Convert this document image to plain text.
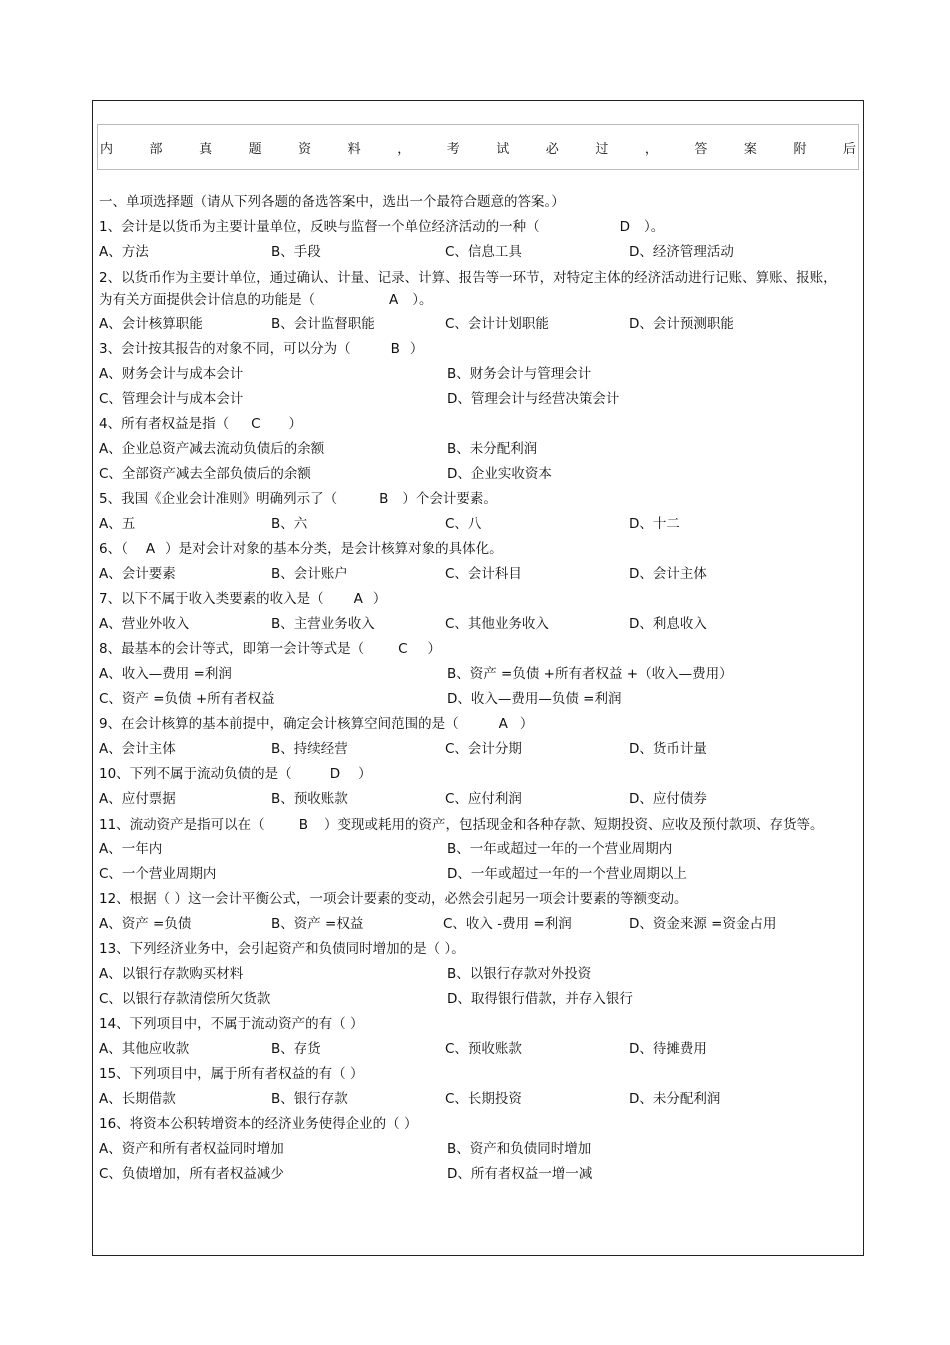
内	部	真	题	资	料	，	考	试	必	过	，	答	案	附	后
一、单项选择题（请从下列各题的备选答案中，选出一个最符合题意的答案。）
1、会计是以货币为主要计量单位，反映与监督一个单位经济活动的一种（	D ）。
A、方法	B、手段	C、信息工具	D、经济管理活动
2、以货币作为主要计单位，通过确认、计量、记录、计算、报告等一环节，对特定主体的经济活动进行记账、算账、报账，为有关方面提供会计信息的功能是（	A ）。
A、会计核算职能	B、会计监督职能	C、会计计划职能	D、会计预测职能
3、会计按其报告的对象不同，可以分为（	B ）
A、财务会计与成本会计	B、财务会计与管理会计
C、管理会计与成本会计	D、管理会计与经营决策会计
4、所有者权益是指（ C ）
A、企业总资产减去流动负债后的余额	B、未分配利润
C、全部资产减去全部负债后的余额	D、企业实收资本
5、我国《企业会计准则》明确列示了（	B ）个会计要素。
A、五	B、六	C、八	D、十二
6、（ A ）是对会计对象的基本分类，是会计核算对象的具体化。
A、会计要素	B、会计账户	C、会计科目	D、会计主体
7、以下不属于收入类要素的收入是（ A ）
A、营业外收入	B、主营业务收入	C、其他业务收入	D、利息收入
8、最基本的会计等式，即第一会计等式是（	C ）
A、收入—费用 =利润	B、资产 =负债 +所有者权益 +（收入—费用）
C、资产 =负债 +所有者权益	D、收入—费用—负债 =利润
9、在会计核算的基本前提中，确定会计核算空间范围的是（	A ）
A、会计主体	B、持续经营	C、会计分期	D、货币计量
10、下列不属于流动负债的是（	D ）
A、应付票据	B、预收账款	C、应付利润	D、应付债券
11、流动资产是指可以在（	B ）变现或耗用的资产，包括现金和各种存款、短期投资、应收及预付款项、存货等。
A、一年内	B、一年或超过一年的一个营业周期内
C、一个营业周期内	D、一年或超过一年的一个营业周期以上
12、根据（ ）这一会计平衡公式，一项会计要素的变动，必然会引起另一项会计要素的等额变动。
A、资产 =负债	B、资产 =权益	C、收入 -费用 =利润	D、资金来源 =资金占用
13、下列经济业务中，会引起资产和负债同时增加的是（ ）。
A、以银行存款购买材料	B、以银行存款对外投资
C、以银行存款清偿所欠货款	D、取得银行借款，并存入银行
14、下列项目中，不属于流动资产的有（ ）
A、其他应收款	B、存货	C、预收账款	D、待摊费用
15、下列项目中，属于所有者权益的有（ ）
A、长期借款	B、银行存款	C、长期投资	D、未分配利润
16、将资本公积转增资本的经济业务使得企业的（ ）
A、资产和所有者权益同时增加	B、资产和负债同时增加
C、负债增加，所有者权益减少	D、所有者权益一增一减
